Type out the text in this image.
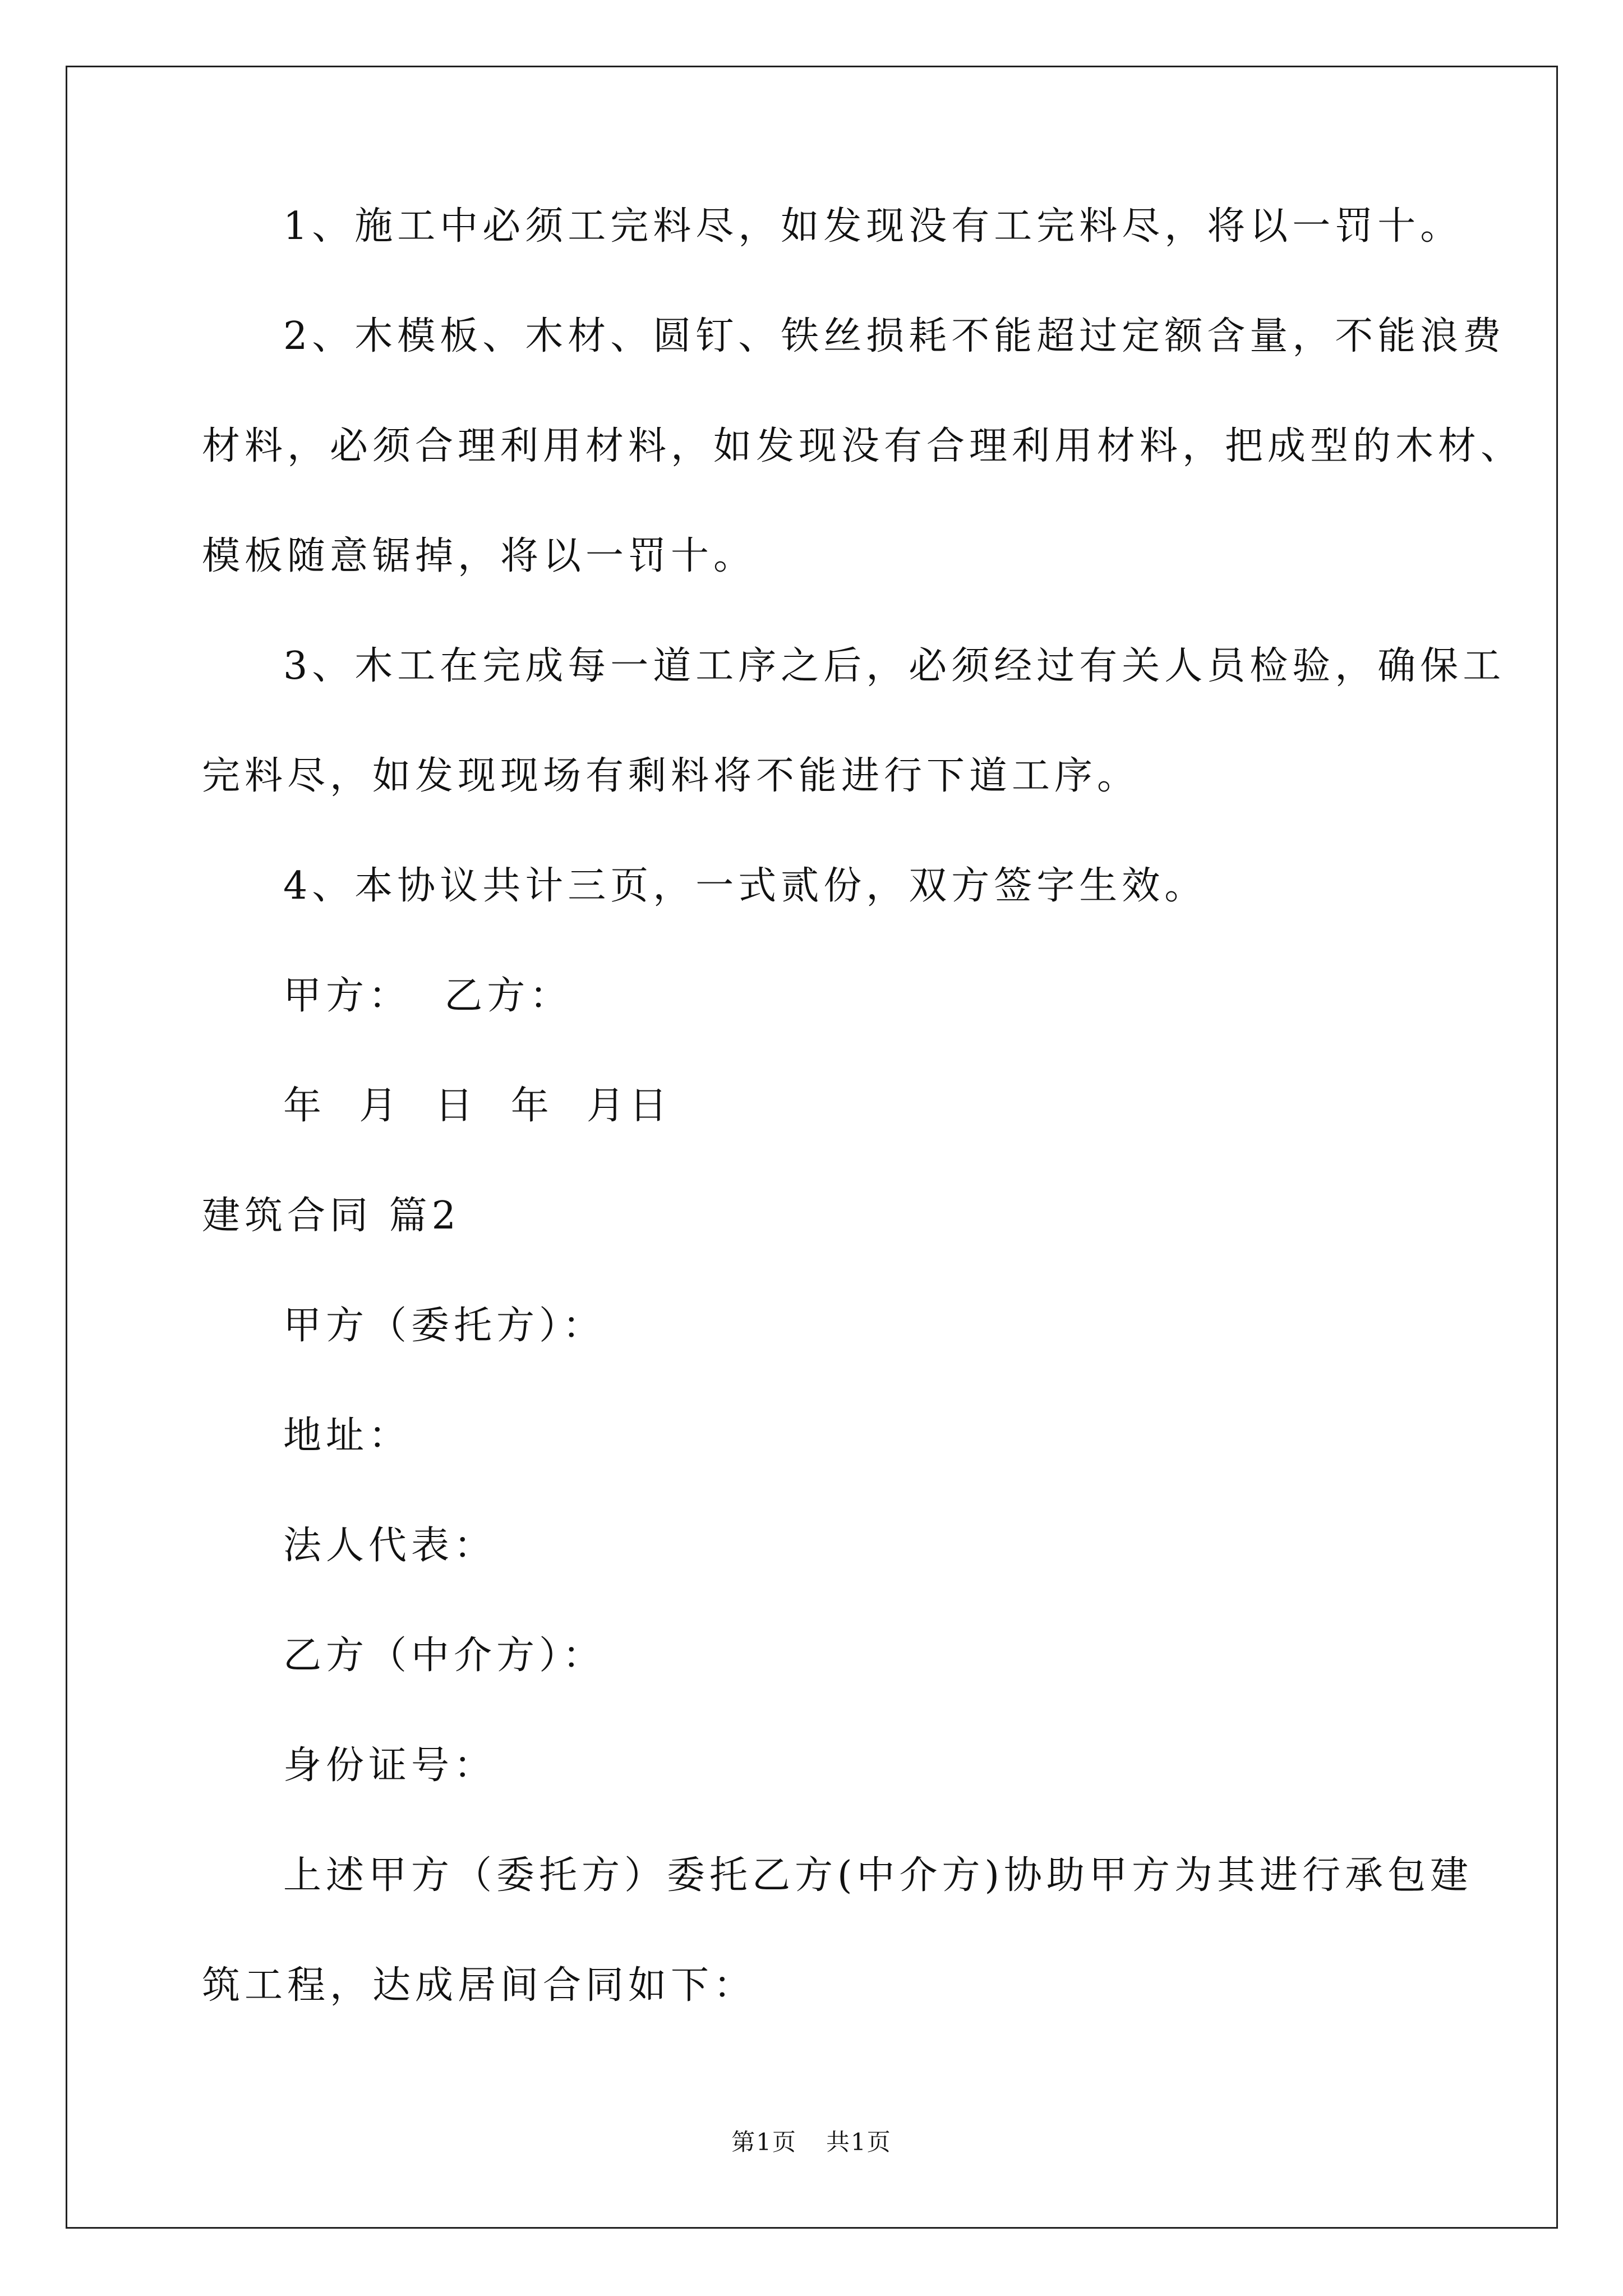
1、施工中必须工完料尽，如发现没有工完料尽，将以一罚十。

2、木模板、木材、圆钉、铁丝损耗不能超过定额含量，不能浪费

材料，必须合理利用材料，如发现没有合理利用材料，把成型的木材、

模板随意锯掉，将以一罚十。

3、木工在完成每一道工序之后，必须经过有关人员检验，确保工

完料尽，如发现现场有剩料将不能进行下道工序。

4、本协议共计三页，一式贰份，双方签字生效。

甲方：  乙方：

年  月  日  年  月日

建筑合同 篇2

甲方（委托方）：

地址：

法人代表：

乙方（中介方）：

身份证号：

上述甲方（委托方）委托乙方(中介方)协助甲方为其进行承包建

筑工程，达成居间合同如下：

第1页 共1页
